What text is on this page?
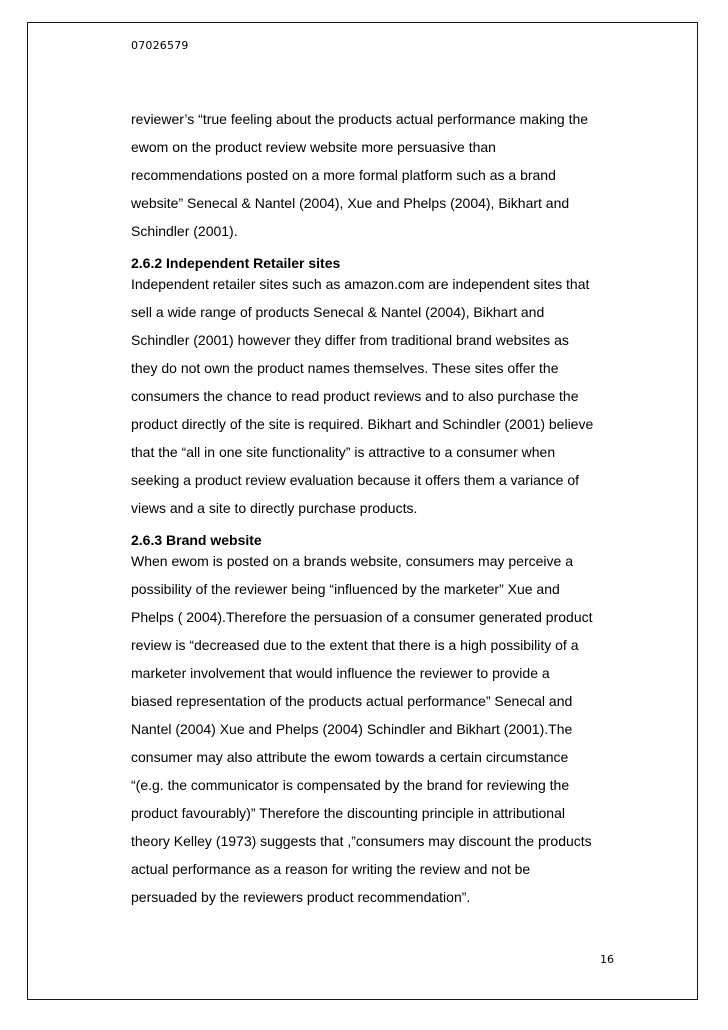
07026579

reviewer’s “true feeling about the products actual performance making the
ewom on the product review website more persuasive than
recommendations posted on a more formal platform such as a brand
website” Senecal & Nantel (2004), Xue and Phelps (2004), Bikhart and
Schindler (2001).

2.6.2 Independent Retailer sites

Independent retailer sites such as amazon.com are independent sites that
sell a wide range of products Senecal & Nantel (2004), Bikhart and
Schindler (2001) however they differ from traditional brand websites as
they do not own the product names themselves. These sites offer the
consumers the chance to read product reviews and to also purchase the
product directly of the site is required. Bikhart and Schindler (2001) believe
that the “all in one site functionality” is attractive to a consumer when
seeking a product review evaluation because it offers them a variance of
views and a site to directly purchase products.

2.6.3 Brand website

When ewom is posted on a brands website, consumers may perceive a
possibility of the reviewer being “influenced by the marketer” Xue and
Phelps ( 2004).Therefore the persuasion of a consumer generated product
review is “decreased due to the extent that there is a high possibility of a
marketer involvement that would influence the reviewer to provide a
biased representation of the products actual performance” Senecal and
Nantel (2004) Xue and Phelps (2004) Schindler and Bikhart (2001).The
consumer may also attribute the ewom towards a certain circumstance
“(e.g. the communicator is compensated by the brand for reviewing the
product favourably)” Therefore the discounting principle in attributional
theory Kelley (1973) suggests that ,”consumers may discount the products
actual performance as a reason for writing the review and not be
persuaded by the reviewers product recommendation”.

16
